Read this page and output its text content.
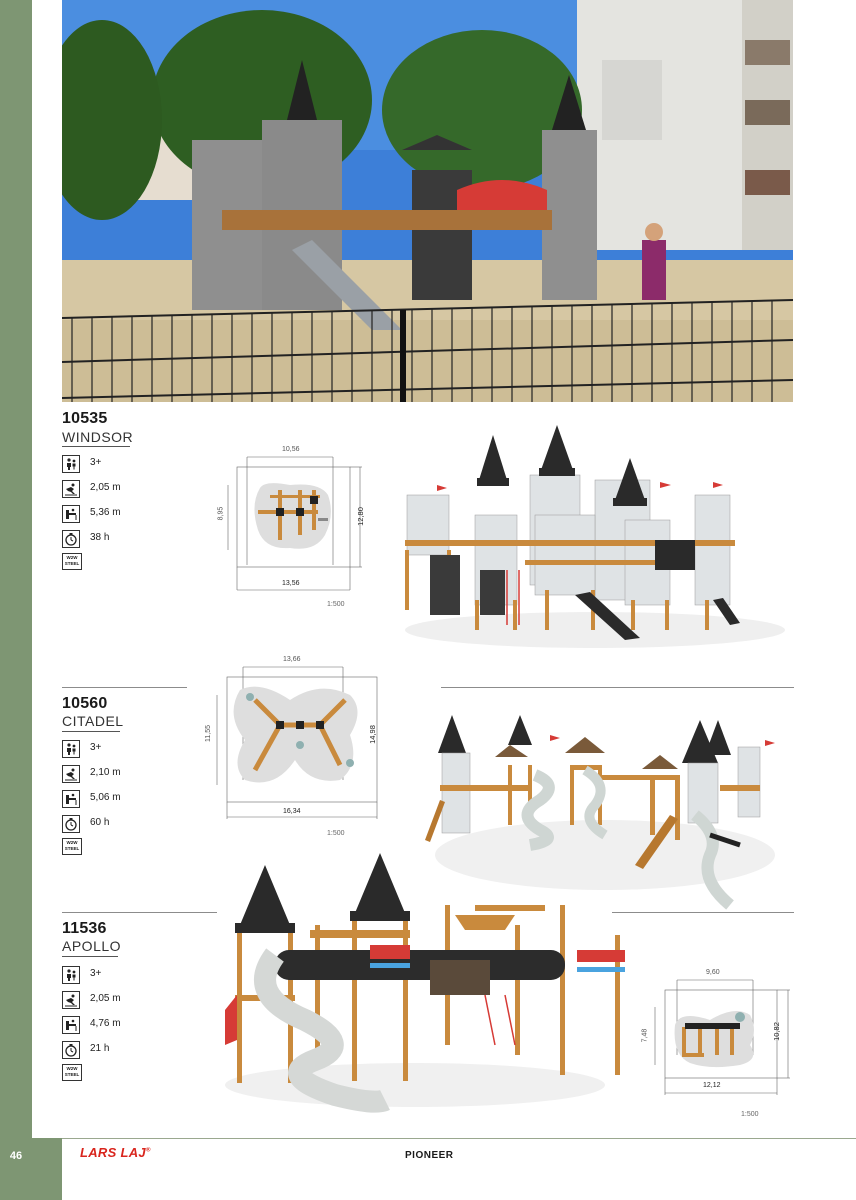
46
10535
WINDSOR
3+
2,05 m
5,36 m
38 h
W2W
STEEL
10,56
13,56
8,95	12,80
1:500
10560
CITADEL
3+
2,10 m
5,06 m
60 h
W2W
STEEL
13,66
16,34
11,55	14,98
1:500
11536
APOLLO
3+
2,05 m
4,76 m
21 h
W2W
STEEL
9,60
12,12
7,48	10,82
1:500
LARS LAJ®	PIONEER
